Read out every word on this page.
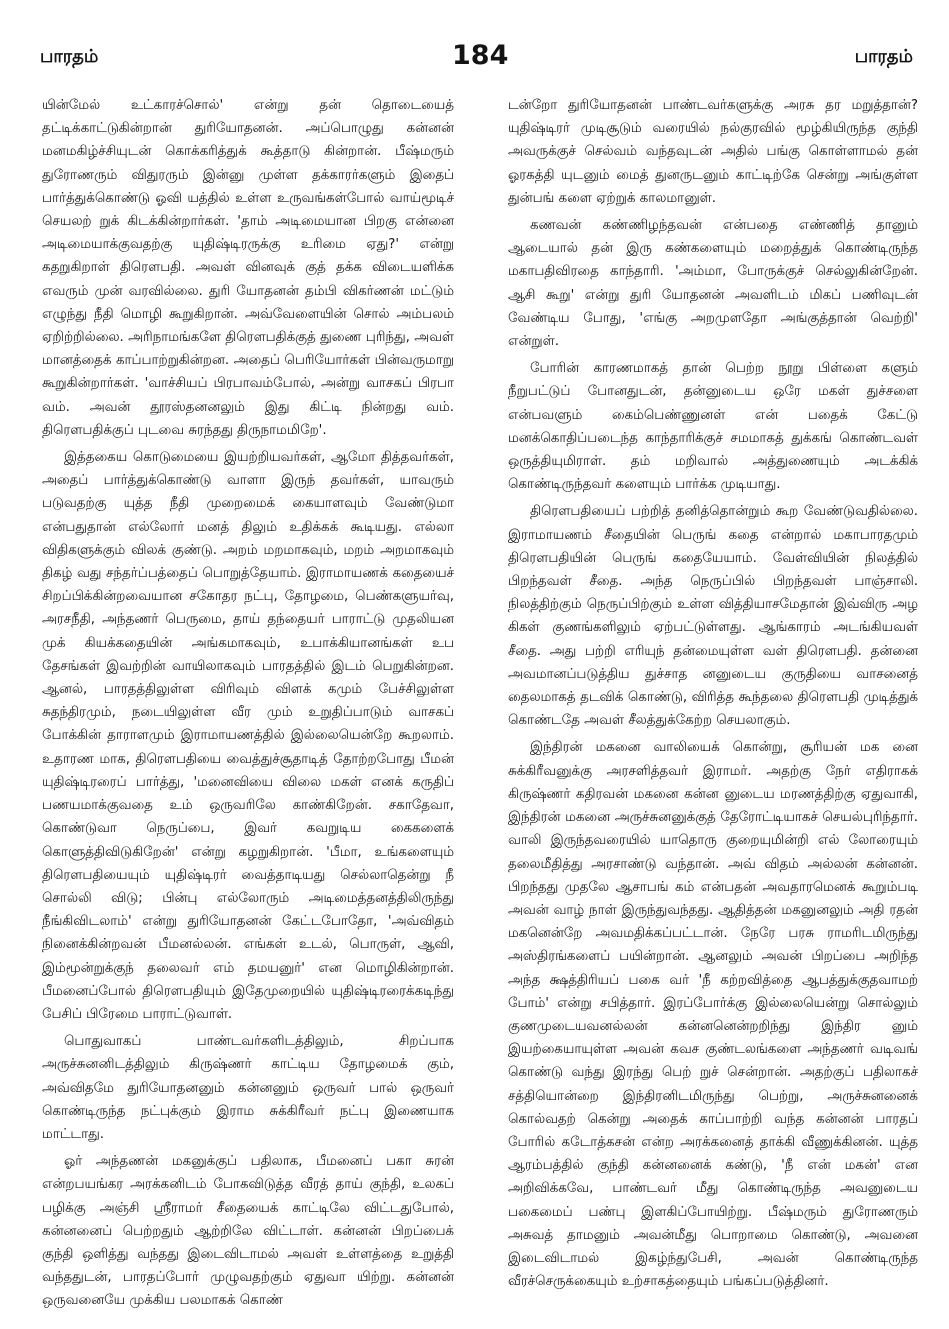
பாரதம்	184	பாரதம்

யின்மேல் உட்காரச்சொல்' என்று தன் தொடையைத் தட்டிக்காட்டுகின்றான் துரியோதனன். அப்பொழுது கன்னன் மனமகிழ்ச்சியுடன் கொக்கரித்துக் கூத்தாடு கின்றான். பீஷ்மரும் துரோணரும் விதுரரும் இன்னு முள்ள தக்காரர்களும் இதைப் பார்த்துக்கொண்டு ஓவி யத்தில் உள்ள உருவங்கள்போல் வாய்மூடிச் செயலற் றுக் கிடக்கின்றார்கள். 'தாம் அடிமையான பிறகு என்னை அடிமையாக்குவதற்கு யுதிஷ்டிரருக்கு உரிமை ஏது?' என்று கதறுகிறாள் திரௌபதி. அவள் வினவுக் குத் தக்க விடையளிக்க எவரும் முன் வரவில்லை. துரி யோதனன் தம்பி விகர்ணன் மட்டும் எழுந்து நீதி மொழி கூறுகிறான். அவ்வேளையின் சொல் அம்பலம் ஏறிற்றில்லை. அரிநாமங்களே திரௌபதிக்குத் துணை புரிந்து, அவள் மானத்தைக் காப்பாற்றுகின்றன. அதைப் பெரியோர்கள் பின்வருமாறு கூறுகின்றார்கள். 'வாச்சியப் பிரபாவம்போல், அன்று வாசகப் பிரபா வம். அவன் தூரஸ்தனனலும் இது கிட்டி நின்றது வம். திரௌபதிக்குப் புடவை சுரந்தது திருநாமமிறே'.

இத்தகைய கொடுமையை இயற்றியவர்கள், ஆமோ தித்தவர்கள், அதைப் பார்த்துக்கொண்டு வாளா இருந் தவர்கள், யாவரும் படுவதற்கு யுத்த நீதி முறைமைக் கையாளவும் வேண்டுமா என்பதுதான் எல்லோர் மனத் திலும் உதிக்கக் கூடியது. எல்லா விதிகளுக்கும் விலக் குண்டு. அறம் மறமாகவும், மறம் அறமாகவும் திகழ் வது சந்தர்ப்பத்தைப் பொறுத்தேயாம். இராமாயணக் கதையைச் சிறப்பிக்கின்றவையான சகோதர நட்பு, தோழமை, பெண்களுயர்வு, அரசநீதி, அந்தணர் பெருமை, தாய் தந்தையர் பாராட்டு முதலியன முக் கியக்கதையின் அங்கமாகவும், உபாக்கியானங்கள் உப தேசங்கள் இவற்றின் வாயிலாகவும் பாரதத்தில் இடம் பெறுகின்றன. ஆனல், பாரதத்திலுள்ள விரிவும் விளக் கமும் பேச்சிலுள்ள சுதந்திரமும், நடையிலுள்ள வீர மும் உறுதிப்பாடும் வாசகப் போக்கின் தாராளமும் இராமாயணத்தில் இல்லையென்றே கூறலாம். உதாரண மாக, திரௌபதியை வைத்துச்சூதாடித் தோற்றபோது பீமன் யுதிஷ்டிரரைப் பார்த்து, 'மனைவியை விலை மகள் எனக் கருதிப் பணயமாக்குவதை உம் ஒருவரிலே காண்கிறேன். சகாதேவா, கொண்டுவா நெருப்பை, இவர் கவறுடிய கைகளைக் கொளுத்திவிடுகிறேன்' என்று கழறுகிறான். 'பீமா, உங்களையும் திரௌபதியையும் யுதிஷ்டிரர் வைத்தாடியது செல்லாதென்று நீ சொல்லி விடு; பின்பு எல்லோரும் அடிமைத்தனத்திலிருந்து நீங்கிவிடலாம்' என்று துரியோதனன் கேட்டபோதோ, 'அவ்விதம் நினைக்கின்றவன் பீமனல்லன். எங்கள் உடல், பொருள், ஆவி, இம்மூன்றுக்குந் தலைவர் எம் தமயனுர்' என மொழிகின்றான். பீமனைப்போல் திரௌபதியும் இதேமுறையில் யுதிஷ்டிரரைக்கடிந்து பேசிப் பிரேமை பாராட்டுவாள்.

பொதுவாகப் பாண்டவர்களிடத்திலும், சிறப்பாக அருச்சுனனிடத்திலும் கிருஷ்ணர் காட்டிய தோழமைக் கும், அவ்விதமே துரியோதனனும் கன்னனும் ஒருவர் பால் ஒருவர் கொண்டிருந்த நட்புக்கும் இராம சுக்கிரீவர் நட்பு இணையாக மாட்டாது.

ஓர் அந்தணன் மகனுக்குப் பதிலாக, பீமனைப் பகா சுரன் என்றபயங்கர அரக்கனிடம் போகவிடுத்த வீரத் தாய் குந்தி, உலகப் பழிக்கு அஞ்சி ஸ்ரீராமர் சீதையைக் காட்டிலே விட்டதுபோல், கன்னனைப் பெற்றதும் ஆற்றிலே விட்டாள். கன்னன் பிறப்பைக் குந்தி ஒளித்து வந்தது இடைவிடாமல் அவள் உள்ளத்தை உறுத்தி வந்ததுடன், பாரதப்போர் முழுவதற்கும் ஏதுவா யிற்று. கன்னன் ஒருவனையே முக்கிய பலமாகக் கொண்

டன்றோ துரியோதனன் பாண்டவர்களுக்கு அரசு தர மறுத்தான்? யுதிஷ்டிரர் முடிசூடும் வரையில் நல்குரவில் மூழ்கியிருந்த குந்தி அவருக்குச் செல்வம் வந்தவுடன் அதில் பங்கு கொள்ளாமல் தன் ஓரகத்தி யுடனும் மைத் துனருடனும் காட்டிற்கே சென்று அங்குள்ள துன்பங் களை ஏற்றுக் காலமானுள்.

கணவன் கண்ணிழந்தவன் என்பதை எண்ணித் தானும் ஆடையால் தன் இரு கண்களையும் மறைத்துக் கொண்டிருந்த மகாபதிவிரதை காந்தாரி. 'அம்மா, போருக்குச் செல்லுகின்றேன். ஆசி கூறு' என்று துரி யோதனன் அவளிடம் மிகப் பணிவுடன் வேண்டிய போது, 'எங்கு அறமுளதோ அங்குத்தான் வெற்றி' என்றுள்.

போரின் காரணமாகத் தான் பெற்ற நூறு பிள்ளை களும் நீறுபட்டுப் போனதுடன், தன்னுடைய ஒரே மகள் துச்சளை என்பவளும் கைம்பெண்ணுனள் என் பதைக் கேட்டு மனக்கொதிப்படைந்த காந்தாரிக்குச் சமமாகத் துக்கங் கொண்டவள் ஒருத்தியுமிராள். தம் மறிவால் அத்துணையும் அடக்கிக் கொண்டிருந்தவர் களையும் பார்க்க முடியாது.

திரௌபதியைப் பற்றித் தனித்தொன்றும் கூற வேண்டுவதில்லை. இராமாயணம் சீதையின் பெருங் கதை என்றால் மகாபாரதமும் திரௌபதியின் பெருங் கதையேயாம். வேள்வியின் நிலத்தில் பிறந்தவள் சீதை. அந்த நெருப்பில் பிறந்தவள் பாஞ்சாலி. நிலத்திற்கும் நெருப்பிற்கும் உள்ள வித்தியாசமேதான் இவ்விரு அழ கிகள் குணங்களிலும் ஏற்பட்டுள்ளது. ஆங்காரம் அடங்கியவள் சீதை. அது பற்றி எரியுந் தன்மையுள்ள வள் திரௌபதி. தன்னை அவமானப்படுத்திய துச்சாத னனுடைய குருதியை வாசனைத் தைலமாகத் தடவிக் கொண்டு, விரித்த கூந்தலை திரௌபதி முடித்துக் கொண்டதே அவள் சீலத்துக்கேற்ற செயலாகும்.

இந்திரன் மகனை வாலியைக் கொன்று, சூரியன் மக னை சுக்கிரீவனுக்கு அரசளித்தவர் இராமர். அதற்கு நேர் எதிராகக் கிருஷ்ணர் கதிரவன் மகனை கன்ன னுடைய மரணத்திற்கு ஏதுவாகி, இந்திரன் மகனை அருச்சுனனுக்குத் தேரோட்டியாகச் செயல்புரிந்தார். வாலி இருந்தவரையில் யாதொரு குறையுமின்றி எல் லோரையும் தலைமீதித்து அரசாண்டு வந்தான். அவ் விதம் அல்லன் கன்னன். பிறந்தது முதலே ஆசாபங் கம் என்பதன் அவதாரமெனக் கூறும்படி அவன் வாழ் நாள் இருந்துவந்தது. ஆதித்தன் மகனுனலும் அதி ரதன் மகனென்றே அவமதிக்கப்பட்டான். நேரே பரசு ராமரிடமிருந்து அஸ்திரங்களைப் பயின்றான். ஆனலும் அவன் பிறப்பை அறிந்த அந்த க்ஷத்திரியப் பகை வர் 'நீ கற்றவித்தை ஆபத்துக்குதவாமற் போம்' என்று சபித்தார். இரப்போர்க்கு இல்லையென்று சொல்லும் குணமுடையவனல்லன் கன்னனென்றறிந்து இந்திர னும் இயற்கையாயுள்ள அவன் கவச குண்டலங்களை அந்தணர் வடிவங் கொண்டு வந்து இரந்து பெற் றுச் சென்றான். அதற்குப் பதிலாகச் சத்தியொன்றை இந்திரனிடமிருந்து பெற்று, அருச்சுனனைக் கொல்வதற் கென்று அதைக் காப்பாற்றி வந்த கன்னன் பாரதப் போரில் கடோத்கசன் என்ற அரக்கனைத் தாக்கி வீணுக்கினன். யுத்த ஆரம்பத்தில் குந்தி கன்னனைக் கண்டு, 'நீ என் மகன்' என அறிவிக்கவே, பாண்டவர் மீது கொண்டிருந்த அவனுடைய பகைமைப் பண்பு இளகிப்போயிற்று. பீஷ்மரும் துரோணரும் அசுவத் தாமனும் அவன்மீது பொறாமை கொண்டு, அவனை இடைவிடாமல் இகழ்ந்துபேசி, அவன் கொண்டிருந்த வீரச்செருக்கையும் உற்சாகத்தையும் பங்கப்படுத்தினர்.
